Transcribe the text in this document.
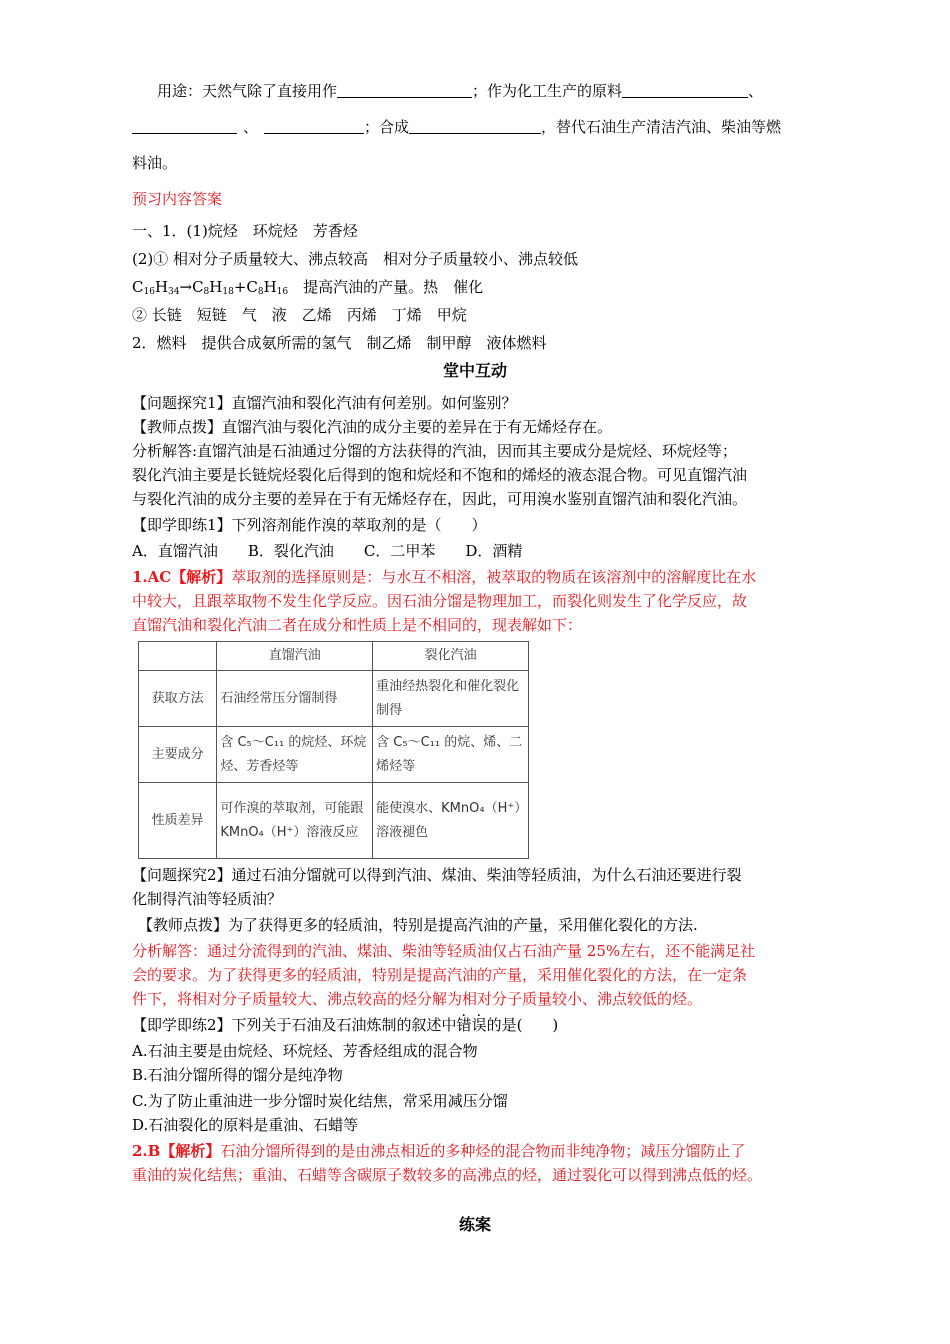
用途：天然气除了直接用作	；作为化工生产的原料	、
、	；合成	，替代石油生产清洁汽油、柴油等燃
料油。
预习内容答案
一、1．(1)烷烃　环烷烃　芳香烃
(2)① 相对分子质量较大、沸点较高　相对分子质量较小、沸点较低
$C_{16}H_{34}\to C_8H_{18}+C_8H_{16}$　提高汽油的产量。热　催化
② 长链　短链　气　液　乙烯　丙烯　丁烯　甲烷
2．燃料　提供合成氨所需的氢气　制乙烯　制甲醇　液体燃料
堂中互动
【问题探究1】直馏汽油和裂化汽油有何差别。如何鉴别？
【教师点拨】直馏汽油与裂化汽油的成分主要的差异在于有无烯烃存在。
分析解答:直馏汽油是石油通过分馏的方法获得的汽油，因而其主要成分是烷烃、环烷烃等；
裂化汽油主要是长链烷烃裂化后得到的饱和烷烃和不饱和的烯烃的液态混合物。可见直馏汽油
与裂化汽油的成分主要的差异在于有无烯烃存在，因此，可用溴水鉴别直馏汽油和裂化汽油。
【即学即练1】下列溶剂能作溴的萃取剂的是（　　）
A．直馏汽油　　B．裂化汽油　　C．二甲苯　　D．酒精
1.AC【解析】萃取剂的选择原则是：与水互不相溶，被萃取的物质在该溶剂中的溶解度比在水
中较大，且跟萃取物不发生化学反应。因石油分馏是物理加工，而裂化则发生了化学反应，故
直馏汽油和裂化汽油二者在成分和性质上是不相同的，现表解如下：
	直馏汽油	裂化汽油
获取方法	石油经常压分馏制得	重油经热裂化和催化裂化制得
主要成分	含 C₅～C₁₁ 的烷烃、环烷烃、芳香烃等	含 C₅～C₁₁ 的烷、烯、二烯烃等
性质差异	可作溴的萃取剂，可能跟 KMnO₄（H⁺）溶液反应	能使溴水、KMnO₄（H⁺）溶液褪色
【问题探究2】通过石油分馏就可以得到汽油、煤油、柴油等轻质油，为什么石油还要进行裂
化制得汽油等轻质油？
【教师点拨】为了获得更多的轻质油，特别是提高汽油的产量，采用催化裂化的方法.
分析解答：通过分流得到的汽油、煤油、柴油等轻质油仅占石油产量 25%左右，还不能满足社
会的要求。为了获得更多的轻质油，特别是提高汽油的产量，采用催化裂化的方法，在一定条
件下，将相对分子质量较大、沸点较高的烃分解为相对分子质量较小、沸点较低的烃。
【即学即练2】下列关于石油及石油炼制的叙述中错误的是(　　)
A.石油主要是由烷烃、环烷烃、芳香烃组成的混合物
B.石油分馏所得的馏分是纯净物
C.为了防止重油进一步分馏时炭化结焦，常采用减压分馏
D.石油裂化的原料是重油、石蜡等
2.B【解析】石油分馏所得到的是由沸点相近的多种烃的混合物而非纯净物；减压分馏防止了
重油的炭化结焦；重油、石蜡等含碳原子数较多的高沸点的烃，通过裂化可以得到沸点低的烃。
练案
